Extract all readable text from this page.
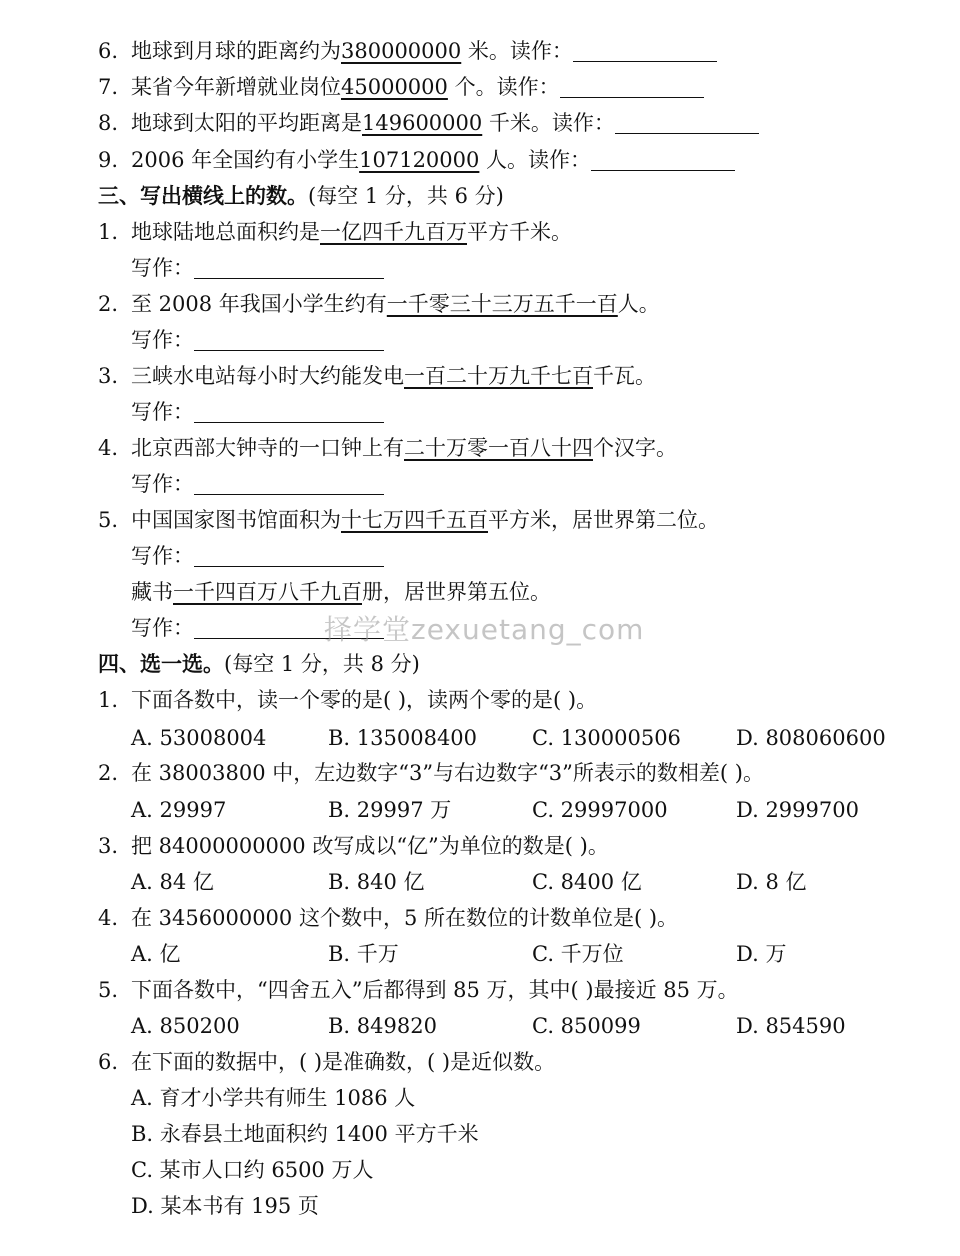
6. 地球到月球的距离约为380000000 米。读作：
7. 某省今年新增就业岗位45000000 个。读作：
8. 地球到太阳的平均距离是149600000 千米。读作：
9. 2006 年全国约有小学生107120000 人。读作：
三、写出横线上的数。(每空 1 分，共 6 分)
1. 地球陆地总面积约是一亿四千九百万平方千米。
写作：
2. 至 2008 年我国小学生约有一千零三十三万五千一百人。
写作：
3. 三峡水电站每小时大约能发电一百二十万九千七百千瓦。
写作：
4. 北京西部大钟寺的一口钟上有二十万零一百八十四个汉字。
写作：
5. 中国国家图书馆面积为十七万四千五百平方米，居世界第二位。
写作：
藏书一千四百万八千九百册，居世界第五位。
写作：	择学堂zexuetang_com
四、选一选。(每空 1 分，共 8 分)
1. 下面各数中，读一个零的是( )，读两个零的是( )。
A. 53008004	B. 135008400	C. 130000506	D. 808060600
2. 在 38003800 中，左边数字“3”与右边数字“3”所表示的数相差( )。
A. 29997	B. 29997 万	C. 29997000	D. 2999700
3. 把 84000000000 改写成以“亿”为单位的数是( )。
A. 84 亿	B. 840 亿	C. 8400 亿	D. 8 亿
4. 在 3456000000 这个数中，5 所在数位的计数单位是( )。
A. 亿	B. 千万	C. 千万位	D. 万
5. 下面各数中，“四舍五入”后都得到 85 万，其中( )最接近 85 万。
A. 850200	B. 849820	C. 850099	D. 854590
6. 在下面的数据中，( )是准确数，( )是近似数。
A. 育才小学共有师生 1086 人
B. 永春县土地面积约 1400 平方千米
C. 某市人口约 6500 万人
D. 某本书有 195 页
